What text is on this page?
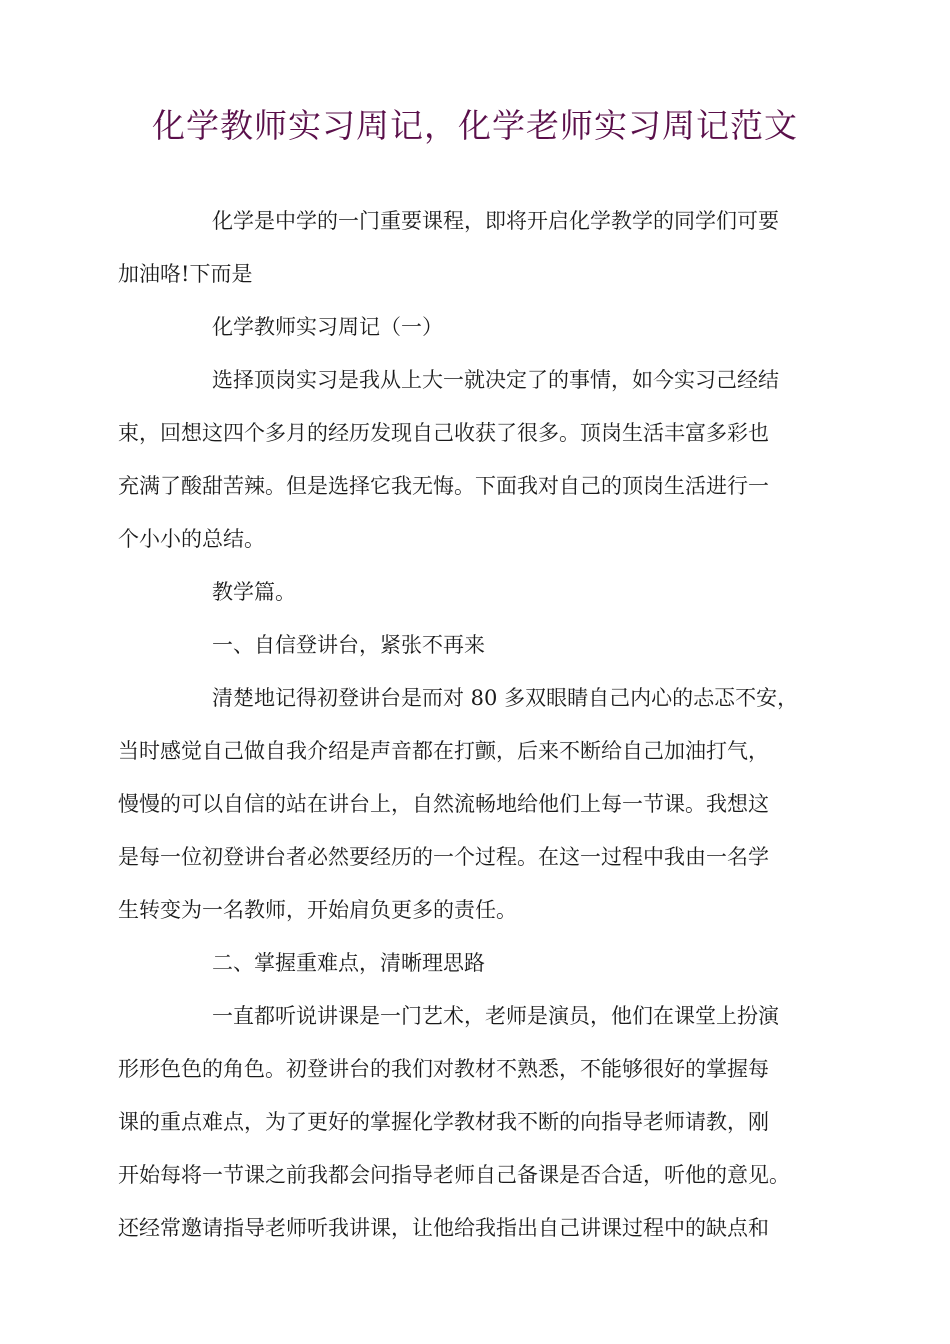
化学教师实习周记，化学老师实习周记范文
化学是中学的一门重要课程，即将开启化学教学的同学们可要
加油咯!下而是
化学教师实习周记（一）
选择顶岗实习是我从上大一就决定了的事情，如今实习己经结
束，回想这四个多月的经历发现自己收获了很多。顶岗生活丰富多彩也
充满了酸甜苦辣。但是选择它我无悔。下面我对自己的顶岗生活进行一
个小小的总结。
教学篇。
一、自信登讲台，紧张不再来
清楚地记得初登讲台是而对 80 多双眼睛自己内心的忐忑不安，
当时感觉自己做自我介绍是声音都在打颤，后来不断给自己加油打气，
慢慢的可以自信的站在讲台上，自然流畅地给他们上每一节课。我想这
是每一位初登讲台者必然要经历的一个过程。在这一过程中我由一名学
生转变为一名教师，开始肩负更多的责任。
二、掌握重难点，清晰理思路
一直都听说讲课是一门艺术，老师是演员，他们在课堂上扮演
形形色色的角色。初登讲台的我们对教材不熟悉，不能够很好的掌握每
课的重点难点，为了更好的掌握化学教材我不断的向指导老师请教，刚
开始每将一节课之前我都会问指导老师自己备课是否合适，听他的意见。
还经常邀请指导老师听我讲课，让他给我指出自己讲课过程中的缺点和
